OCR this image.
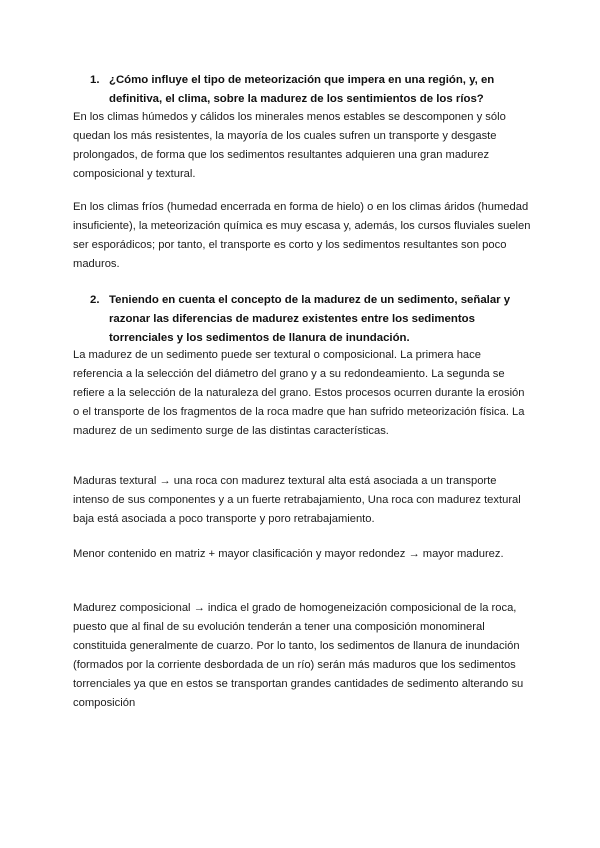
1. ¿Cómo influye el tipo de meteorización que impera en una región, y, en definitiva, el clima, sobre la madurez de los sentimientos de los ríos?

En los climas húmedos y cálidos los minerales menos estables se descomponen y sólo quedan los más resistentes, la mayoría de los cuales sufren un transporte y desgaste prolongados, de forma que los sedimentos resultantes adquieren una gran madurez composicional y textural.

En los climas fríos (humedad encerrada en forma de hielo) o en los climas áridos (humedad insuficiente), la meteorización química es muy escasa y, además, los cursos fluviales suelen ser esporádicos; por tanto, el transporte es corto y los sedimentos resultantes son poco maduros.

2. Teniendo en cuenta el concepto de la madurez de un sedimento, señalar y razonar las diferencias de madurez existentes entre los sedimentos torrenciales y los sedimentos de llanura de inundación.

La madurez de un sedimento puede ser textural o composicional. La primera hace referencia a la selección del diámetro del grano y a su redondeamiento. La segunda se refiere a la selección de la naturaleza del grano. Estos procesos ocurren durante la erosión o el transporte de los fragmentos de la roca madre que han sufrido meteorización física. La madurez de un sedimento surge de las distintas características.

Maduras textural → una roca con madurez textural alta está asociada a un transporte intenso de sus componentes y a un fuerte retrabajamiento, Una roca con madurez textural baja está asociada a poco transporte y poro retrabajamiento.

Menor contenido en matriz + mayor clasificación y mayor redondez → mayor madurez.

Madurez composicional → indica el grado de homogeneización composicional de la roca, puesto que al final de su evolución tenderán a tener una composición monomineral constituida generalmente de cuarzo. Por lo tanto, los sedimentos de llanura de inundación (formados por la corriente desbordada de un río) serán más maduros que los sedimentos torrenciales ya que en estos se transportan grandes cantidades de sedimento alterando su composición
